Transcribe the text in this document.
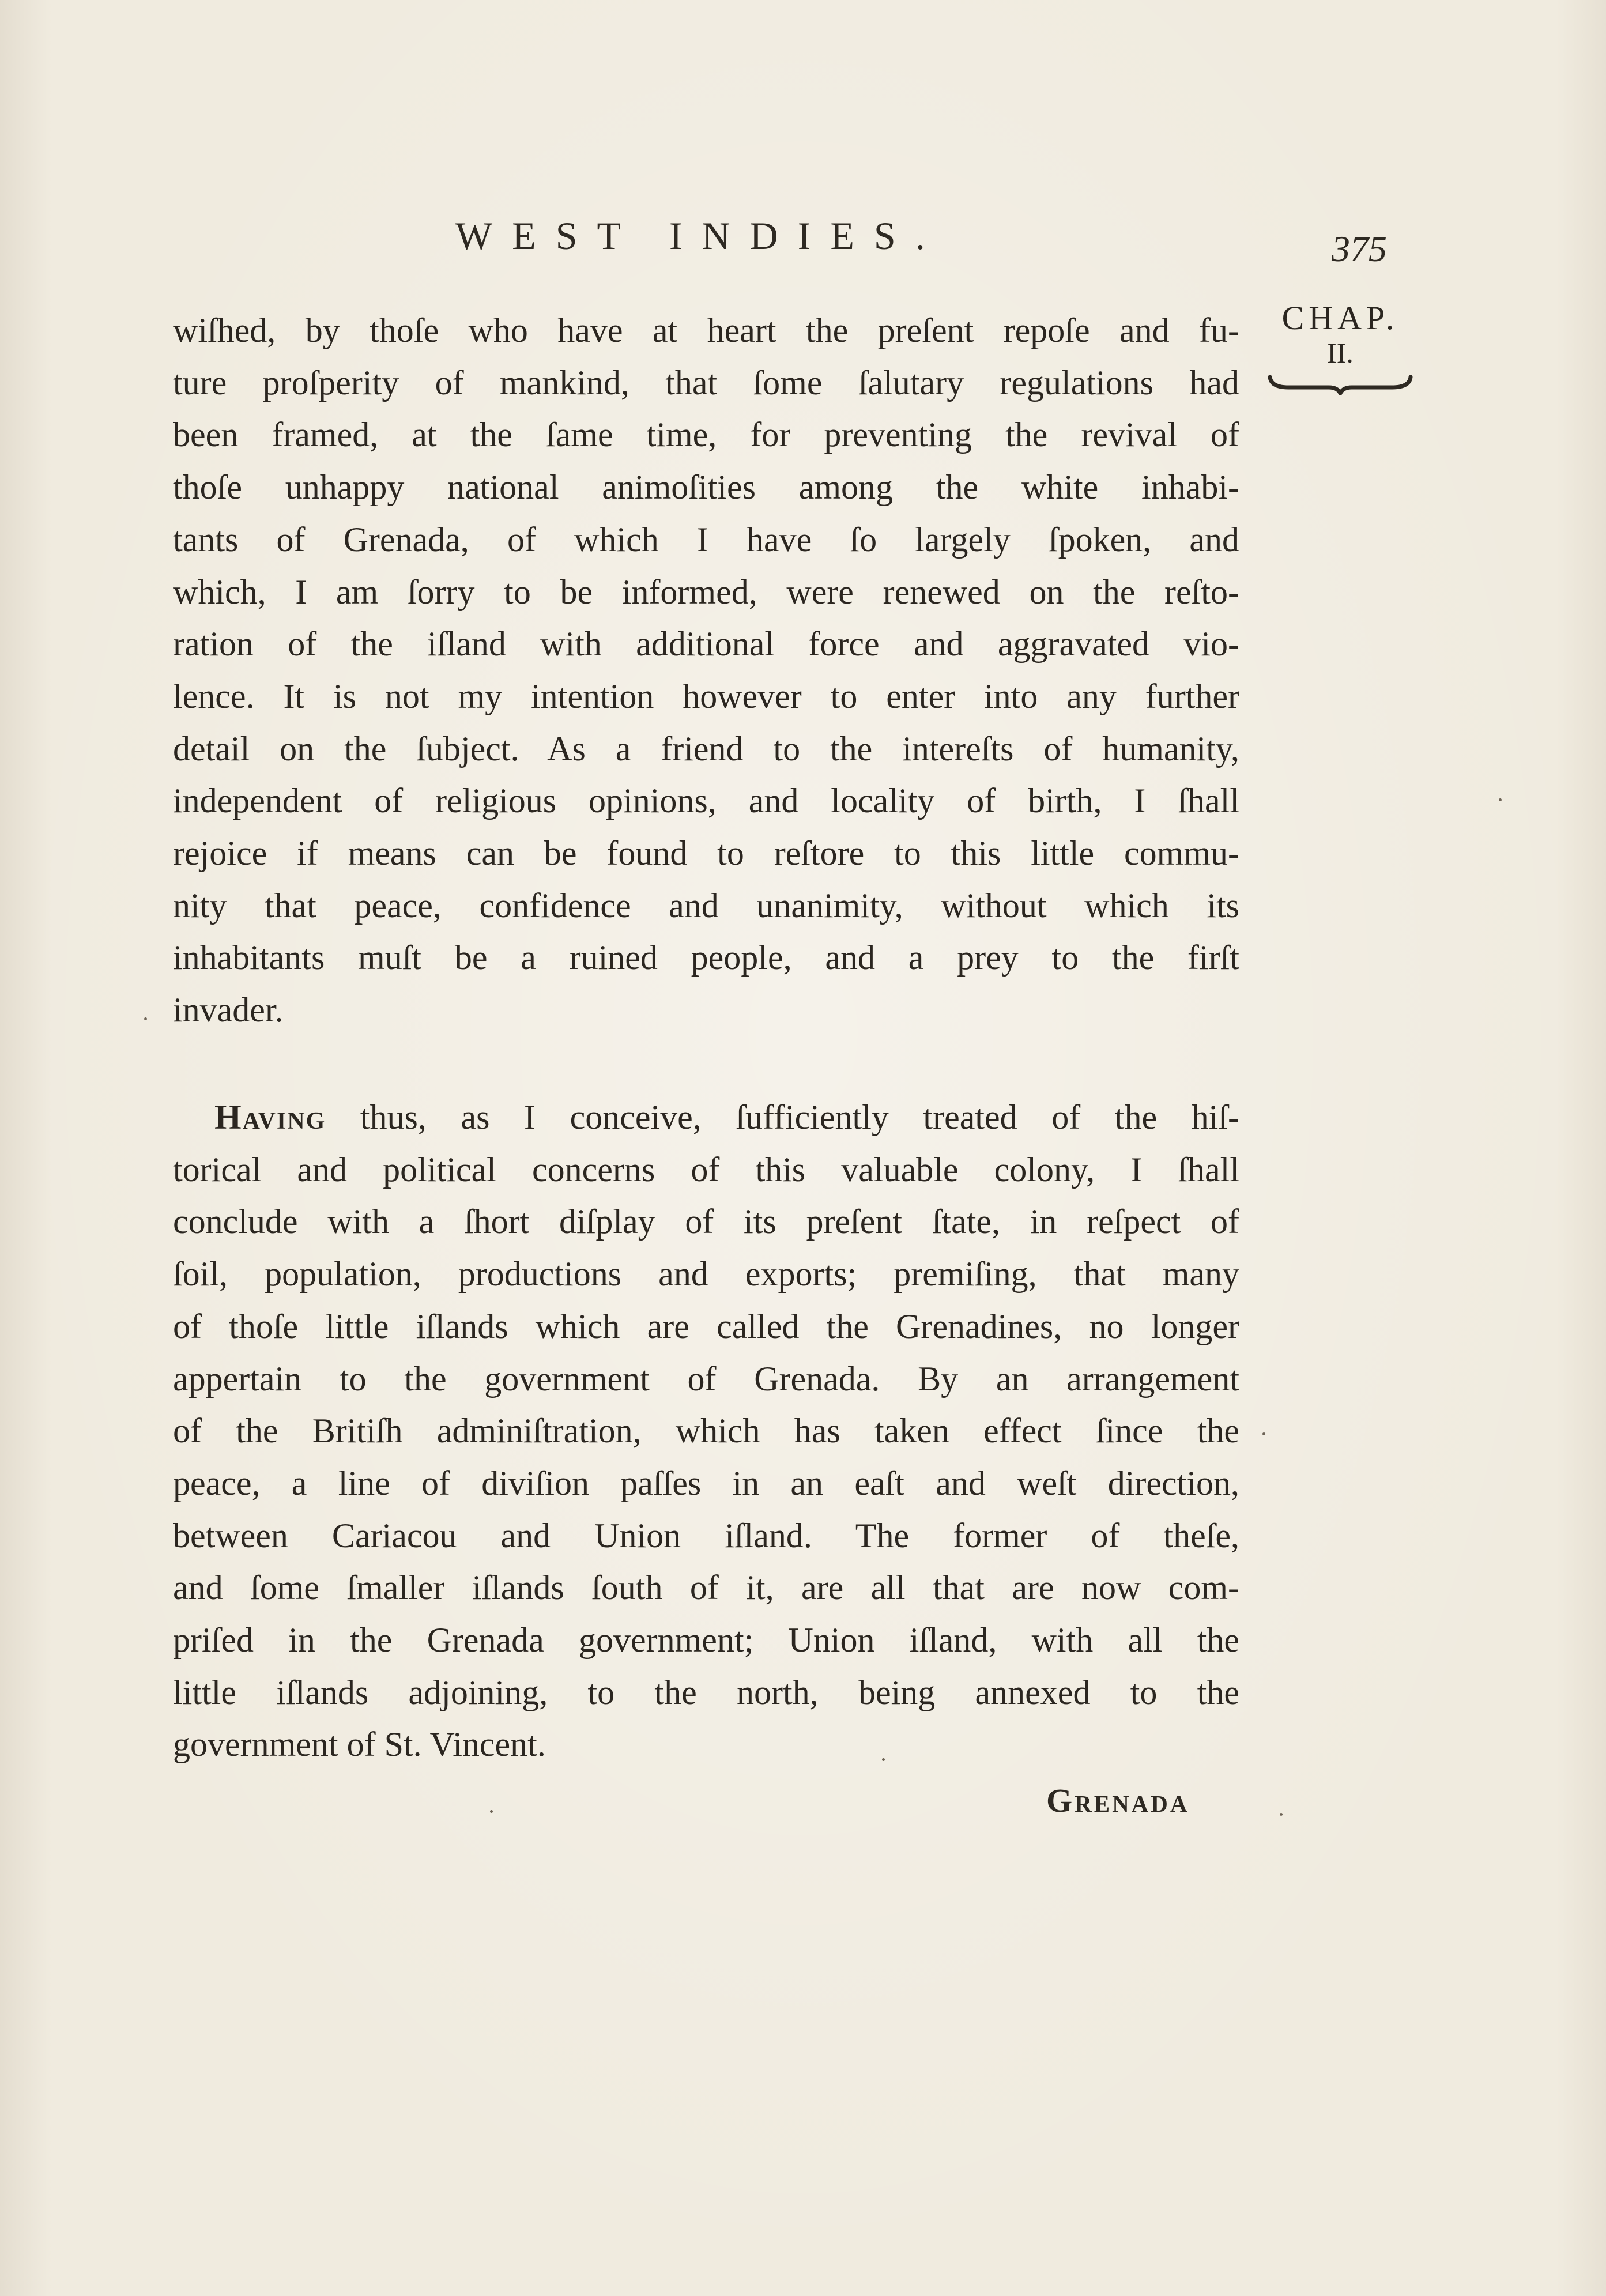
WEST INDIES.	375
CHAP.
II.
wiſhed, by thoſe who have at heart the preſent repoſe and fu-
ture proſperity of mankind, that ſome ſalutary regulations had
been framed, at the ſame time, for preventing the revival of
thoſe unhappy national animoſities among the white inhabi-
tants of Grenada, of which I have ſo largely ſpoken, and
which, I am ſorry to be informed, were renewed on the reſto-
ration of the iſland with additional force and aggravated vio-
lence. It is not my intention however to enter into any further
detail on the ſubject. As a friend to the intereſts of humanity,
independent of religious opinions, and locality of birth, I ſhall
rejoice if means can be found to reſtore to this little commu-
nity that peace, confidence and unanimity, without which its
inhabitants muſt be a ruined people, and a prey to the firſt
invader.
Having thus, as I conceive, ſufficiently treated of the hiſ-
torical and political concerns of this valuable colony, I ſhall
conclude with a ſhort diſplay of its preſent ſtate, in reſpect of
ſoil, population, productions and exports; premiſing, that many
of thoſe little iſlands which are called the Grenadines, no longer
appertain to the government of Grenada. By an arrangement
of the Britiſh adminiſtration, which has taken effect ſince the
peace, a line of diviſion paſſes in an eaſt and weſt direction,
between Cariacou and Union iſland. The former of theſe,
and ſome ſmaller iſlands ſouth of it, are all that are now com-
priſed in the Grenada government; Union iſland, with all the
little iſlands adjoining, to the north, being annexed to the
government of St. Vincent.
Grenada
